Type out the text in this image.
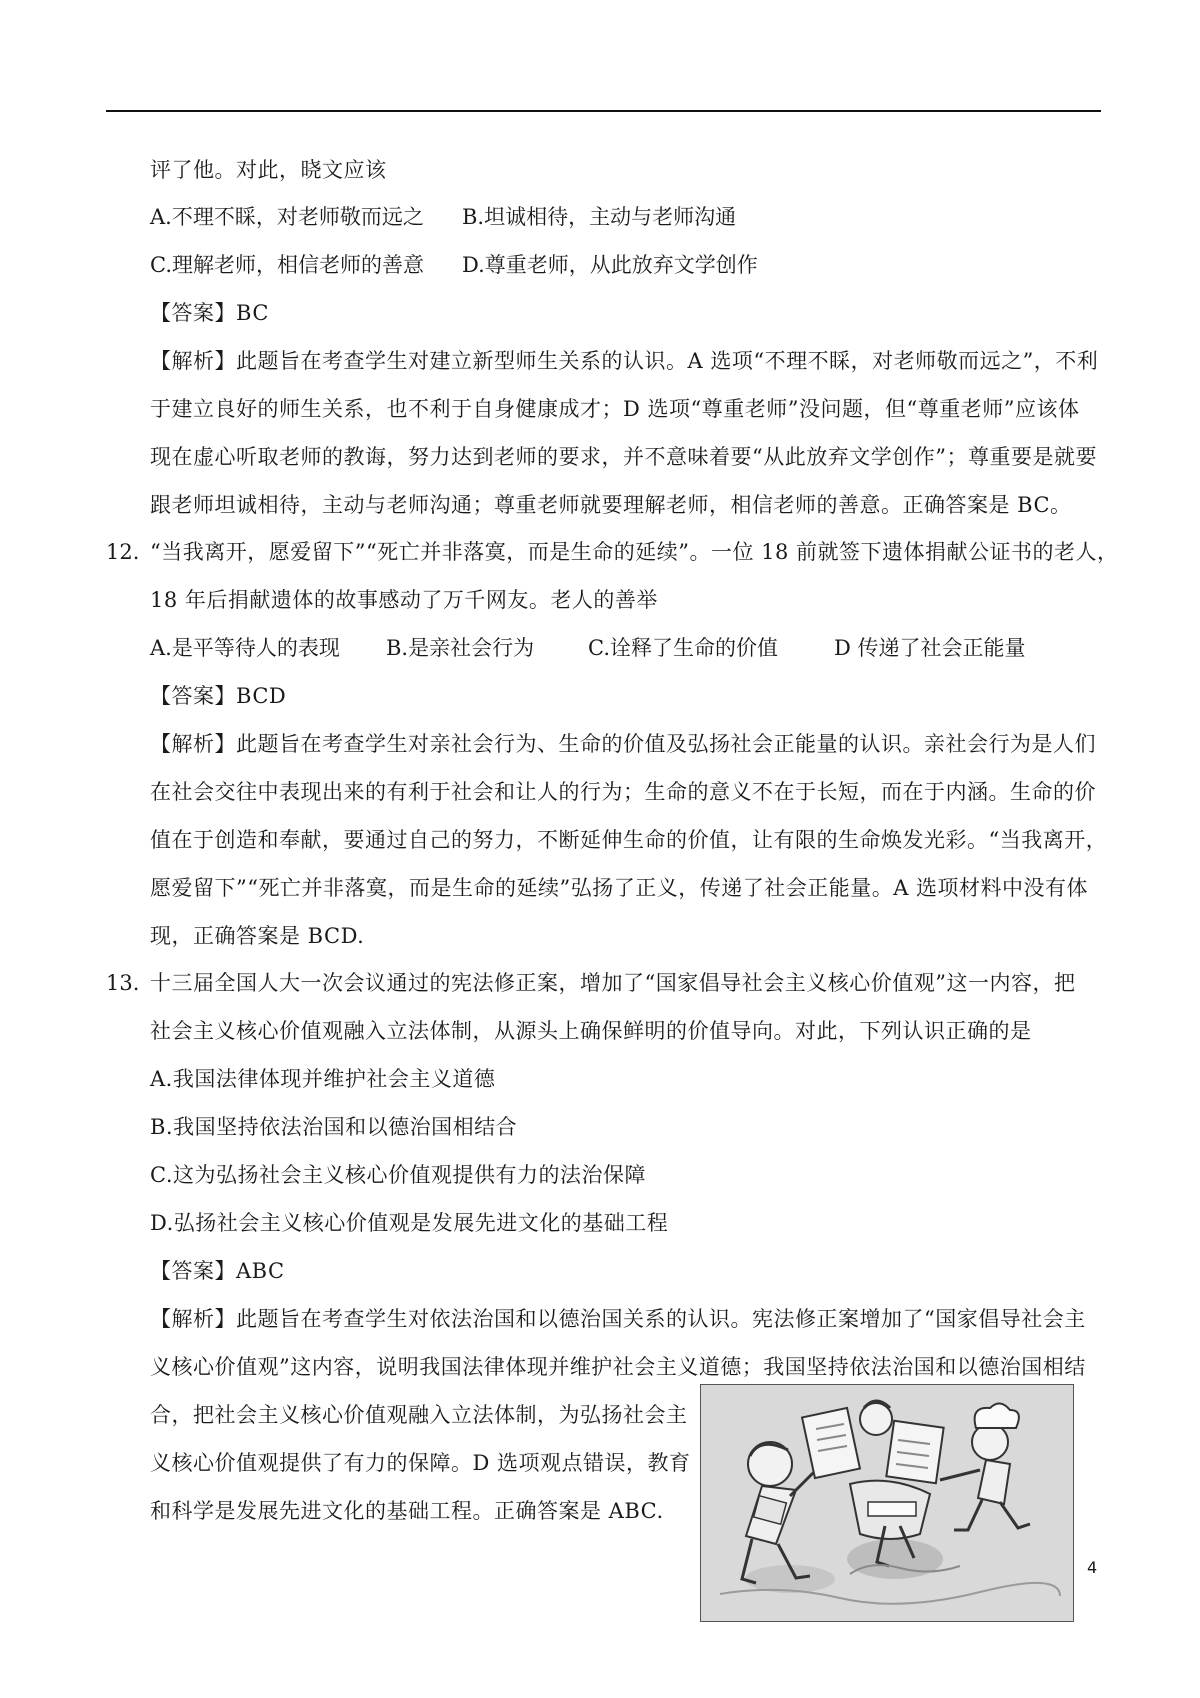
评了他。对此，晓文应该
A.不理不睬，对老师敬而远之 B.坦诚相待，主动与老师沟通
C.理解老师，相信老师的善意 D.尊重老师，从此放弃文学创作
【答案】BC
【解析】此题旨在考查学生对建立新型师生关系的认识。A 选项“不理不睬，对老师敬而远之”，不利
于建立良好的师生关系，也不利于自身健康成才；D 选项“尊重老师”没问题，但“尊重老师”应该体
现在虚心听取老师的教诲，努力达到老师的要求，并不意味着要“从此放弃文学创作”；尊重要是就要
跟老师坦诚相待，主动与老师沟通；尊重老师就要理解老师，相信老师的善意。正确答案是 BC。
12. “当我离开，愿爱留下”“死亡并非落寞，而是生命的延续”。一位 18 前就签下遗体捐献公证书的老人，
18 年后捐献遗体的故事感动了万千网友。老人的善举
A.是平等待人的表现 B.是亲社会行为	C.诠释了生命的价值	D 传递了社会正能量
【答案】BCD
【解析】此题旨在考查学生对亲社会行为、生命的价值及弘扬社会正能量的认识。亲社会行为是人们
在社会交往中表现出来的有利于社会和让人的行为；生命的意义不在于长短，而在于内涵。生命的价
值在于创造和奉献，要通过自己的努力，不断延伸生命的价值，让有限的生命焕发光彩。“当我离开，
愿爱留下”“死亡并非落寞，而是生命的延续”弘扬了正义，传递了社会正能量。A 选项材料中没有体
现，正确答案是 BCD.
13. 十三届全国人大一次会议通过的宪法修正案，增加了“国家倡导社会主义核心价值观”这一内容，把
社会主义核心价值观融入立法体制，从源头上确保鲜明的价值导向。对此，下列认识正确的是
A.我国法律体现并维护社会主义道德
B.我国坚持依法治国和以德治国相结合
C.这为弘扬社会主义核心价值观提供有力的法治保障
D.弘扬社会主义核心价值观是发展先进文化的基础工程
【答案】ABC
【解析】此题旨在考查学生对依法治国和以德治国关系的认识。宪法修正案增加了“国家倡导社会主
义核心价值观”这内容，说明我国法律体现并维护社会主义道德；我国坚持依法治国和以德治国相结
合，把社会主义核心价值观融入立法体制，为弘扬社会主
义核心价值观提供了有力的保障。D 选项观点错误，教育
和科学是发展先进文化的基础工程。正确答案是 ABC.
4
